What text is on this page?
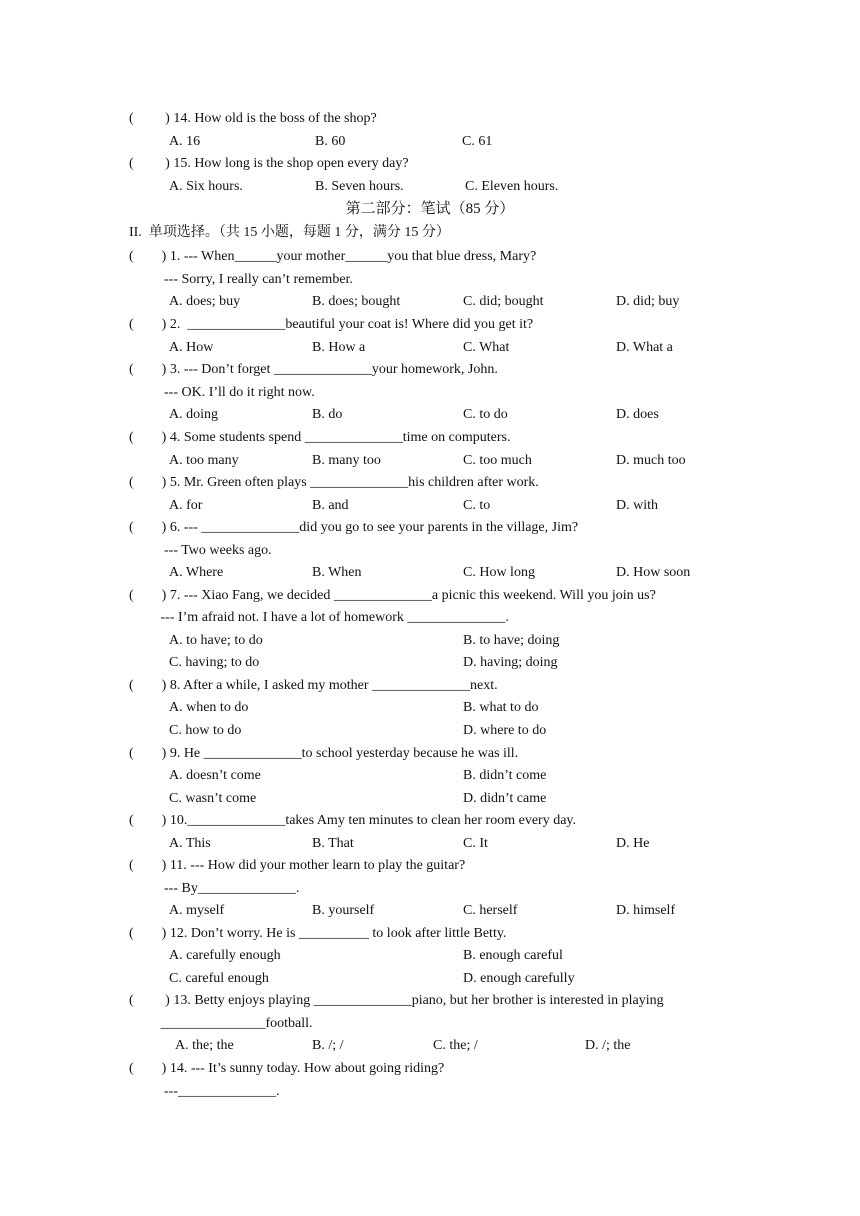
(         ) 14. How old is the boss of the shop?
A. 16	B. 60	C. 61
(         ) 15. How long is the shop open every day?
A. Six hours.	B. Seven hours.	C. Eleven hours.
第二部分：笔试（85 分）
II.  单项选择。（共 15 小题，每题 1 分，满分 15 分）
(        ) 1. --- When______your mother______you that blue dress, Mary?
--- Sorry, I really can’t remember.
A. does; buy	B. does; bought	C. did; bought	D. did; buy
(        ) 2.  ______________beautiful your coat is! Where did you get it?
A. How	B. How a	C. What	D. What a
(        ) 3. --- Don’t forget ______________your homework, John.
--- OK. I’ll do it right now.
A. doing	B. do	C. to do	D. does
(        ) 4. Some students spend ______________time on computers.
A. too many	B. many too	C. too much	D. much too
(        ) 5. Mr. Green often plays ______________his children after work.
A. for	B. and	C. to	D. with
(        ) 6. --- ______________did you go to see your parents in the village, Jim?
--- Two weeks ago.
A. Where	B. When	C. How long	D. How soon
(        ) 7. --- Xiao Fang, we decided ______________a picnic this weekend. Will you join us?
--- I’m afraid not. I have a lot of homework ______________.
A. to have; to do	B. to have; doing
C. having; to do	D. having; doing
(        ) 8. After a while, I asked my mother ______________next.
A. when to do	B. what to do
C. how to do	D. where to do
(        ) 9. He ______________to school yesterday because he was ill.
A. doesn’t come	B. didn’t come
C. wasn’t come	D. didn’t came
(        ) 10.______________takes Amy ten minutes to clean her room every day.
A. This	B. That	C. It	D. He
(        ) 11. --- How did your mother learn to play the guitar?
--- By______________.
A. myself	B. yourself	C. herself	D. himself
(        ) 12. Don’t worry. He is __________ to look after little Betty.
A. carefully enough	B. enough careful
C. careful enough	D. enough carefully
(         ) 13. Betty enjoys playing ______________piano, but her brother is interested in playing
_______________football.
A. the; the	B. /; /	C. the; /	D. /; the
(        ) 14. --- It’s sunny today. How about going riding?
---______________.
